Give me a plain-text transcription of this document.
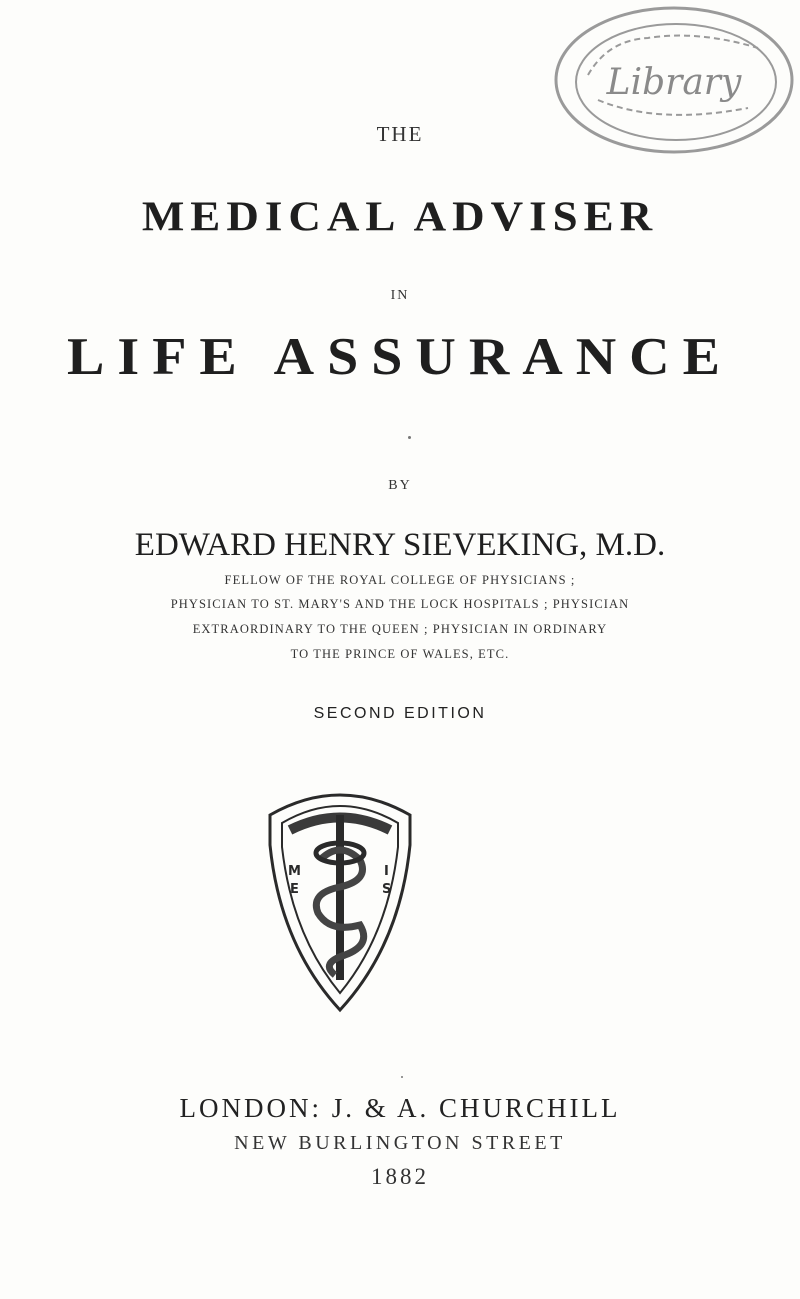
Library
THE
MEDICAL ADVISER
IN
LIFE ASSURANCE
BY
EDWARD HENRY SIEVEKING, M.D.
FELLOW OF THE ROYAL COLLEGE OF PHYSICIANS ;
PHYSICIAN TO ST. MARY'S AND THE LOCK HOSPITALS ; PHYSICIAN
EXTRAORDINARY TO THE QUEEN ; PHYSICIAN IN ORDINARY
TO THE PRINCE OF WALES, ETC.
SECOND EDITION
M
E
I
S
LONDON: J. & A. CHURCHILL
NEW BURLINGTON STREET
1882
